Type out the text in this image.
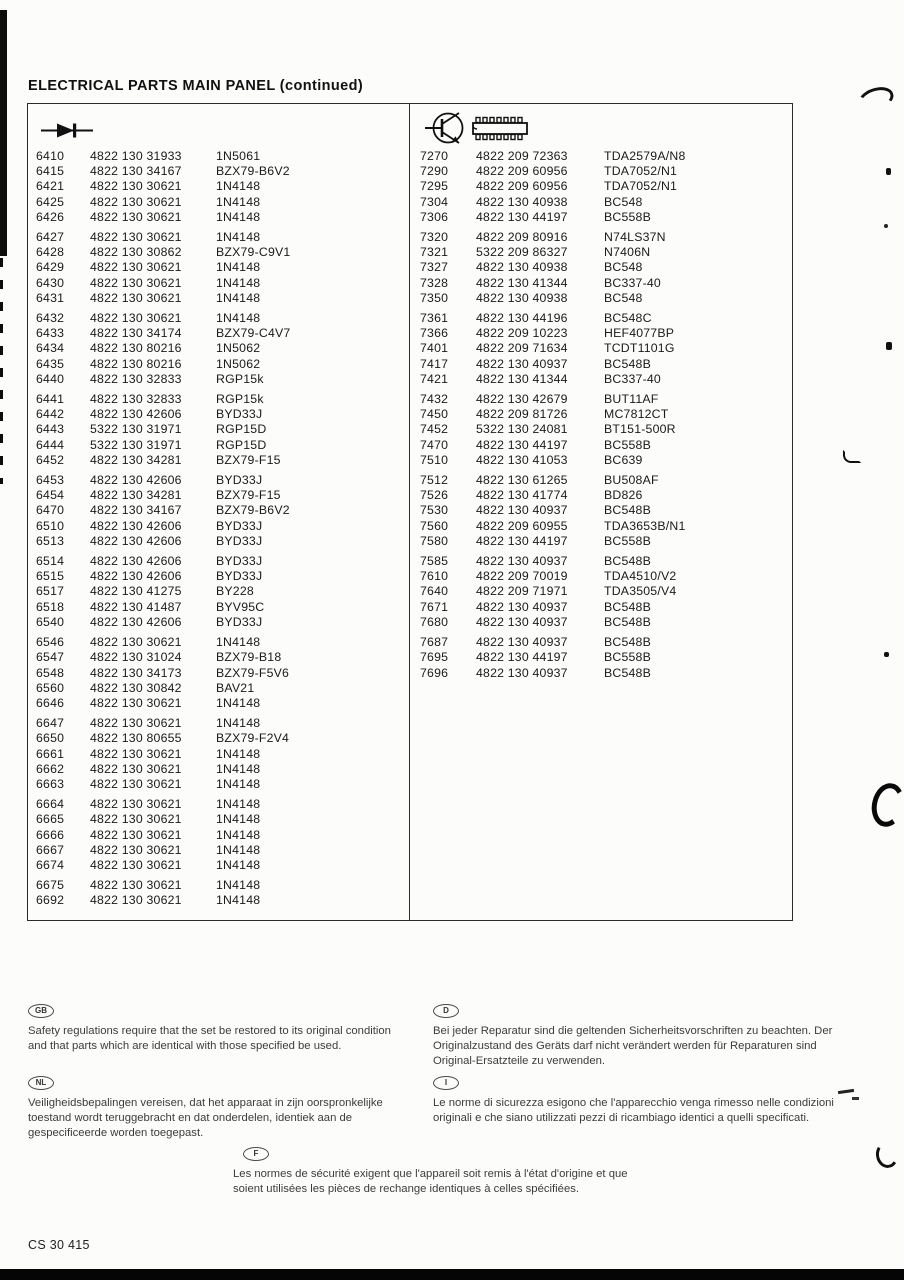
ELECTRICAL PARTS MAIN PANEL (continued)
6410	4822 130 31933	1N5061
6415	4822 130 34167	BZX79-B6V2
6421	4822 130 30621	1N4148
6425	4822 130 30621	1N4148
6426	4822 130 30621	1N4148
6427	4822 130 30621	1N4148
6428	4822 130 30862	BZX79-C9V1
6429	4822 130 30621	1N4148
6430	4822 130 30621	1N4148
6431	4822 130 30621	1N4148
6432	4822 130 30621	1N4148
6433	4822 130 34174	BZX79-C4V7
6434	4822 130 80216	1N5062
6435	4822 130 80216	1N5062
6440	4822 130 32833	RGP15k
6441	4822 130 32833	RGP15k
6442	4822 130 42606	BYD33J
6443	5322 130 31971	RGP15D
6444	5322 130 31971	RGP15D
6452	4822 130 34281	BZX79-F15
6453	4822 130 42606	BYD33J
6454	4822 130 34281	BZX79-F15
6470	4822 130 34167	BZX79-B6V2
6510	4822 130 42606	BYD33J
6513	4822 130 42606	BYD33J
6514	4822 130 42606	BYD33J
6515	4822 130 42606	BYD33J
6517	4822 130 41275	BY228
6518	4822 130 41487	BYV95C
6540	4822 130 42606	BYD33J
6546	4822 130 30621	1N4148
6547	4822 130 31024	BZX79-B18
6548	4822 130 34173	BZX79-F5V6
6560	4822 130 30842	BAV21
6646	4822 130 30621	1N4148
6647	4822 130 30621	1N4148
6650	4822 130 80655	BZX79-F2V4
6661	4822 130 30621	1N4148
6662	4822 130 30621	1N4148
6663	4822 130 30621	1N4148
6664	4822 130 30621	1N4148
6665	4822 130 30621	1N4148
6666	4822 130 30621	1N4148
6667	4822 130 30621	1N4148
6674	4822 130 30621	1N4148
6675	4822 130 30621	1N4148
6692	4822 130 30621	1N4148
7270	4822 209 72363	TDA2579A/N8
7290	4822 209 60956	TDA7052/N1
7295	4822 209 60956	TDA7052/N1
7304	4822 130 40938	BC548
7306	4822 130 44197	BC558B
7320	4822 209 80916	N74LS37N
7321	5322 209 86327	N7406N
7327	4822 130 40938	BC548
7328	4822 130 41344	BC337-40
7350	4822 130 40938	BC548
7361	4822 130 44196	BC548C
7366	4822 209 10223	HEF4077BP
7401	4822 209 71634	TCDT1101G
7417	4822 130 40937	BC548B
7421	4822 130 41344	BC337-40
7432	4822 130 42679	BUT11AF
7450	4822 209 81726	MC7812CT
7452	5322 130 24081	BT151-500R
7470	4822 130 44197	BC558B
7510	4822 130 41053	BC639
7512	4822 130 61265	BU508AF
7526	4822 130 41774	BD826
7530	4822 130 40937	BC548B
7560	4822 209 60955	TDA3653B/N1
7580	4822 130 44197	BC558B
7585	4822 130 40937	BC548B
7610	4822 209 70019	TDA4510/V2
7640	4822 209 71971	TDA3505/V4
7671	4822 130 40937	BC548B
7680	4822 130 40937	BC548B
7687	4822 130 40937	BC548B
7695	4822 130 44197	BC558B
7696	4822 130 40937	BC548B
GB

Safety regulations require that the set be restored to its original condition and that parts which are identical with those specified be used.

D

Bei jeder Reparatur sind die geltenden Sicherheitsvorschriften zu beachten. Der Originalzustand des Geräts darf nicht verändert werden für Reparaturen sind Original-Ersatzteile zu verwenden.

NL

Veiligheidsbepalingen vereisen, dat het apparaat in zijn oorspronkelijke toestand wordt teruggebracht en dat onderdelen, identiek aan de gespecificeerde worden toegepast.

I

Le norme di sicurezza esigono che l'apparecchio venga rimesso nelle condizioni originali e che siano utilizzati pezzi di ricambiago identici a quelli specificati.

F

Les normes de sécurité exigent que l'appareil soit remis à l'état d'origine et que soient utilisées les pièces de rechange identiques à celles spécifiées.

CS 30 415
